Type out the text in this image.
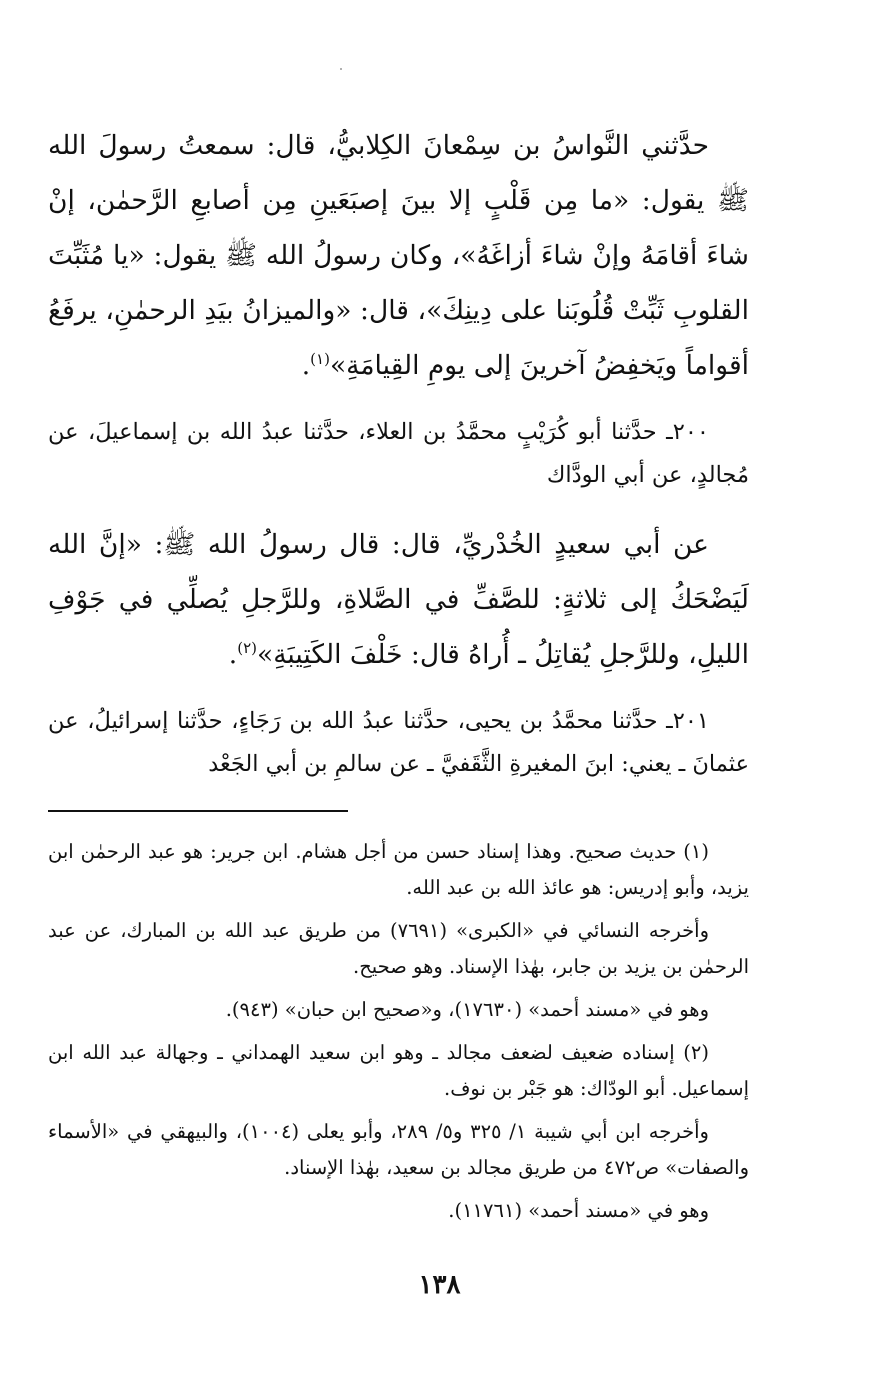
حدَّثني النَّواسُ بن سِمْعانَ الكِلابيُّ، قال: سمعتُ رسولَ الله ﷺ يقول: «ما مِن قَلْبٍ إلا بينَ إصبَعَينِ مِن أصابعِ الرَّحمٰن، إنْ شاءَ أقامَهُ وإنْ شاءَ أزاغَهُ»، وكان رسولُ الله ﷺ يقول: «يا مُثَبِّتَ القلوبِ ثَبِّتْ قُلُوبَنا على دِينِكَ»، قال: «والميزانُ بيَدِ الرحمٰنِ، يرفَعُ أقواماً ويَخفِضُ آخرينَ إلى يومِ القِيامَةِ»$^{(١)}$.

٢٠٠ـ حدَّثنا أبو كُرَيْبٍ محمَّدُ بن العلاء، حدَّثنا عبدُ الله بن إسماعيلَ، عن مُجالدٍ، عن أبي الودَّاك

عن أبي سعيدٍ الخُدْريِّ، قال: قال رسولُ الله ﷺ: «إنَّ الله لَيَضْحَكُ إلى ثلاثةٍ: للصَّفِّ في الصَّلاةِ، وللرَّجلِ يُصلِّي في جَوْفِ الليلِ، وللرَّجلِ يُقاتِلُ ـ أُراهُ قال: خَلْفَ الكَتِيبَةِ»$^{(٢)}$.

٢٠١ـ حدَّثنا محمَّدُ بن يحيى، حدَّثنا عبدُ الله بن رَجَاءٍ، حدَّثنا إسرائيلُ، عن عثمانَ ـ يعني: ابنَ المغيرةِ الثَّقَفيَّ ـ عن سالمِ بن أبي الجَعْد

(١) حديث صحيح. وهذا إسناد حسن من أجل هشام. ابن جرير: هو عبد الرحمٰن ابن يزيد، وأبو إدريس: هو عائذ الله بن عبد الله.

وأخرجه النسائي في «الكبرى» (٧٦٩١) من طريق عبد الله بن المبارك، عن عبد الرحمٰن بن يزيد بن جابر، بهٰذا الإسناد. وهو صحيح.

وهو في «مسند أحمد» (١٧٦٣٠)، و«صحيح ابن حبان» (٩٤٣).

(٢) إسناده ضعيف لضعف مجالد ـ وهو ابن سعيد الهمداني ـ وجهالة عبد الله ابن إسماعيل. أبو الودّاك: هو جَبْر بن نوف.

وأخرجه ابن أبي شيبة ١/ ٣٢٥ و٥/ ٢٨٩، وأبو يعلى (١٠٠٤)، والبيهقي في «الأسماء والصفات» ص٤٧٢ من طريق مجالد بن سعيد، بهٰذا الإسناد.

وهو في «مسند أحمد» (١١٧٦١).

١٣٨
